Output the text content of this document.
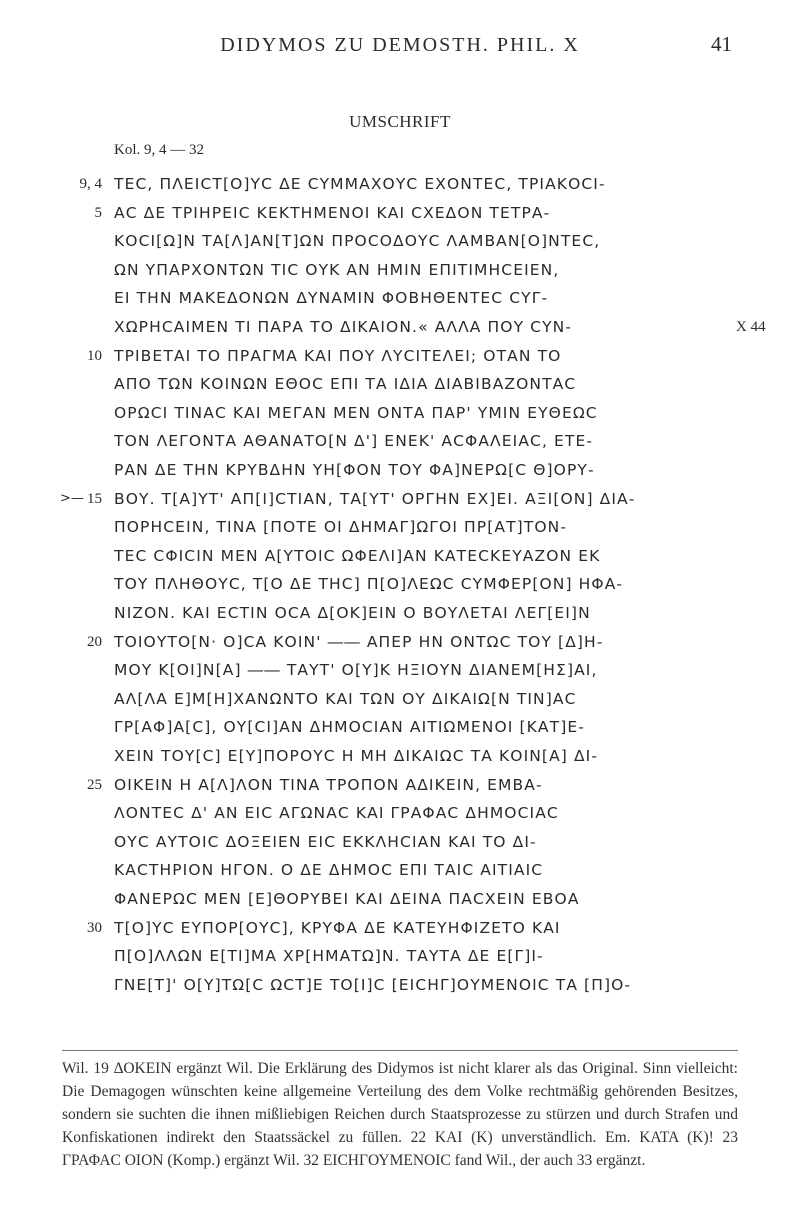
DIDYMOS ZU DEMOSTH. PHIL. X	41
UMSCHRIFT
Kol. 9, 4 — 32
>—
9, 4 ΤΕϹ, ΠΛΕΙϹΤ[Ο]ΥϹ ΔΕ ϹΥΜΜΑΧΟΥϹ ΕΧΟΝΤΕϹ, ΤΡΙΑΚΟϹΙ-
5 ΑϹ ΔΕ ΤΡΙΗΡΕΙϹ ΚΕΚΤΗΜΕΝΟΙ ΚΑΙ ϹΧΕΔΟΝ ΤΕΤΡΑ-
ΚΟϹΙ[Ω]Ν ΤΑ[Λ]ΑΝ[Τ]ΩΝ ΠΡΟϹΟΔΟΥϹ ΛΑΜΒΑΝ[Ο]ΝΤΕϹ,
ΩΝ ΥΠΑΡΧΟΝΤΩΝ ΤΙϹ ΟΥΚ ΑΝ ΗΜΙΝ ΕΠΙΤΙΜΗϹΕΙΕΝ,
ΕΙ ΤΗΝ ΜΑΚΕΔΟΝΩΝ ΔΥΝΑΜΙΝ ΦΟΒΗΘΕΝΤΕϹ ϹΥΓ-
ΧΩΡΗϹΑΙΜΕΝ ΤΙ ΠΑΡΑ ΤΟ ΔΙΚΑΙΟΝ.« ΑΛΛΑ ΠΟΥ ϹΥΝ-	X 44
10 ΤΡΙΒΕΤΑΙ ΤΟ ΠΡΑΓΜΑ ΚΑΙ ΠΟΥ ΛΥϹΙΤΕΛΕΙ; ΟΤΑΝ ΤΟ
ΑΠΟ ΤΩΝ ΚΟΙΝΩΝ ΕΘΟϹ ΕΠΙ ΤΑ ΙΔΙΑ ΔΙΑΒΙΒΑΖΟΝΤΑϹ
ΟΡΩϹΙ ΤΙΝΑϹ ΚΑΙ ΜΕΓΑΝ ΜΕΝ ΟΝΤΑ ΠΑΡ' ΥΜΙΝ ΕΥΘΕΩϹ
ΤΟΝ ΛΕΓΟΝΤΑ ΑΘΑΝΑΤΟ[Ν Δ'] ΕΝΕΚ' ΑϹΦΑΛΕΙΑϹ, ΕΤΕ-
ΡΑΝ ΔΕ ΤΗΝ ΚΡΥΒΔΗΝ ΥΗ[ΦΟΝ ΤΟΥ ΦΑ]ΝΕΡΩ[Ϲ Θ]ΟΡΥ-
15 ΒΟΥ. Τ[Α]ΥΤ' ΑΠ[Ι]ϹΤΙΑΝ, ΤΑ[ΥΤ' ΟΡΓΗΝ ΕΧ]ΕΙ. ΑΞΙ[ΟΝ] ΔΙΑ-
ΠΟΡΗϹΕΙΝ, ΤΙΝΑ [ΠΟΤΕ ΟΙ ΔΗΜΑΓ]ΩΓΟΙ ΠΡ[ΑΤ]ΤΟΝ-
ΤΕϹ ϹΦΙϹΙΝ ΜΕΝ Α[ΥΤΟΙϹ ΩΦΕΛΙ]ΑΝ ΚΑΤΕϹΚΕΥΑΖΟΝ ΕΚ
ΤΟΥ ΠΛΗΘΟΥϹ, Τ[Ο ΔΕ ΤΗϹ] Π[Ο]ΛΕΩϹ ϹΥΜΦΕΡ[ΟΝ] ΗΦΑ-
ΝΙΖΟΝ. ΚΑΙ ΕϹΤΙΝ ΟϹΑ Δ[ΟΚ]ΕΙΝ Ο ΒΟΥΛΕΤΑΙ ΛΕΓ[ΕΙ]Ν
20 ΤΟΙΟΥΤΟ[Ν· Ο]ϹΑ ΚΟΙΝ' ―― ΑΠΕΡ ΗΝ ΟΝΤΩϹ ΤΟΥ [Δ]Η-
ΜΟΥ Κ[ΟΙ]Ν[Α] ―― ΤΑΥΤ' Ο[Υ]Κ ΗΞΙΟΥΝ ΔΙΑΝΕΜ[ΗΣ]ΑΙ,
ΑΛ[ΛΑ Ε]Μ[Η]ΧΑΝΩΝΤΟ ΚΑΙ ΤΩΝ ΟΥ ΔΙΚΑΙΩ[Ν ΤΙΝ]ΑϹ
ΓΡ[ΑΦ]Α[Ϲ], ΟΥ[ϹΙ]ΑΝ ΔΗΜΟϹΙΑΝ ΑΙΤΙΩΜΕΝΟΙ [ΚΑΤ]Ε-
ΧΕΙΝ ΤΟΥ[Ϲ] Ε[Υ]ΠΟΡΟΥϹ Η ΜΗ ΔΙΚΑΙΩϹ ΤΑ ΚΟΙΝ[Α] ΔΙ-
25 ΟΙΚΕΙΝ Η Α[Λ]ΛΟΝ ΤΙΝΑ ΤΡΟΠΟΝ ΑΔΙΚΕΙΝ, ΕΜΒΑ-
ΛΟΝΤΕϹ Δ' ΑΝ ΕΙϹ ΑΓΩΝΑϹ ΚΑΙ ΓΡΑΦΑϹ ΔΗΜΟϹΙΑϹ
ΟΥϹ ΑΥΤΟΙϹ ΔΟΞΕΙΕΝ ΕΙϹ ΕΚΚΛΗϹΙΑΝ ΚΑΙ ΤΟ ΔΙ-
ΚΑϹΤΗΡΙΟΝ ΗΓΟΝ. Ο ΔΕ ΔΗΜΟϹ ΕΠΙ ΤΑΙϹ ΑΙΤΙΑΙϹ
ΦΑΝΕΡΩϹ ΜΕΝ [Ε]ΘΟΡΥΒΕΙ ΚΑΙ ΔΕΙΝΑ ΠΑϹΧΕΙΝ ΕΒΟΑ
30 Τ[Ο]ΥϹ ΕΥΠΟΡ[ΟΥϹ], ΚΡΥΦΑ ΔΕ ΚΑΤΕΥΗΦΙΖΕΤΟ ΚΑΙ
Π[Ο]ΛΛΩΝ Ε[ΤΙ]ΜΑ ΧΡ[ΗΜΑΤΩ]Ν. ΤΑΥΤΑ ΔΕ Ε[Γ]Ι-
ΓΝΕ[Τ]' Ο[Υ]ΤΩ[Ϲ ΩϹΤ]Ε ΤΟ[Ι]Ϲ [ΕΙϹΗΓ]ΟΥΜΕΝΟΙϹ ΤΑ [Π]Ο-
Wil. 19 ΔΟΚΕΙΝ ergänzt Wil. Die Erklärung des Didymos ist nicht klarer als das Original. Sinn vielleicht: Die Demagogen wünschten keine allgemeine Verteilung des dem Volke rechtmäßig gehörenden Besitzes, sondern sie suchten die ihnen mißliebigen Reichen durch Staatsprozesse zu stürzen und durch Strafen und Konfiskationen indirekt den Staatssäckel zu füllen. 22 ΚΑΙ (Κ) unverständlich. Em. ΚΑΤΑ (Κ)! 23 ΓΡΑΦΑϹ ΟΙΟΝ (Komp.) ergänzt Wil. 32 ΕΙϹΗΓΟΥΜΕΝΟΙϹ fand Wil., der auch 33 ergänzt.
